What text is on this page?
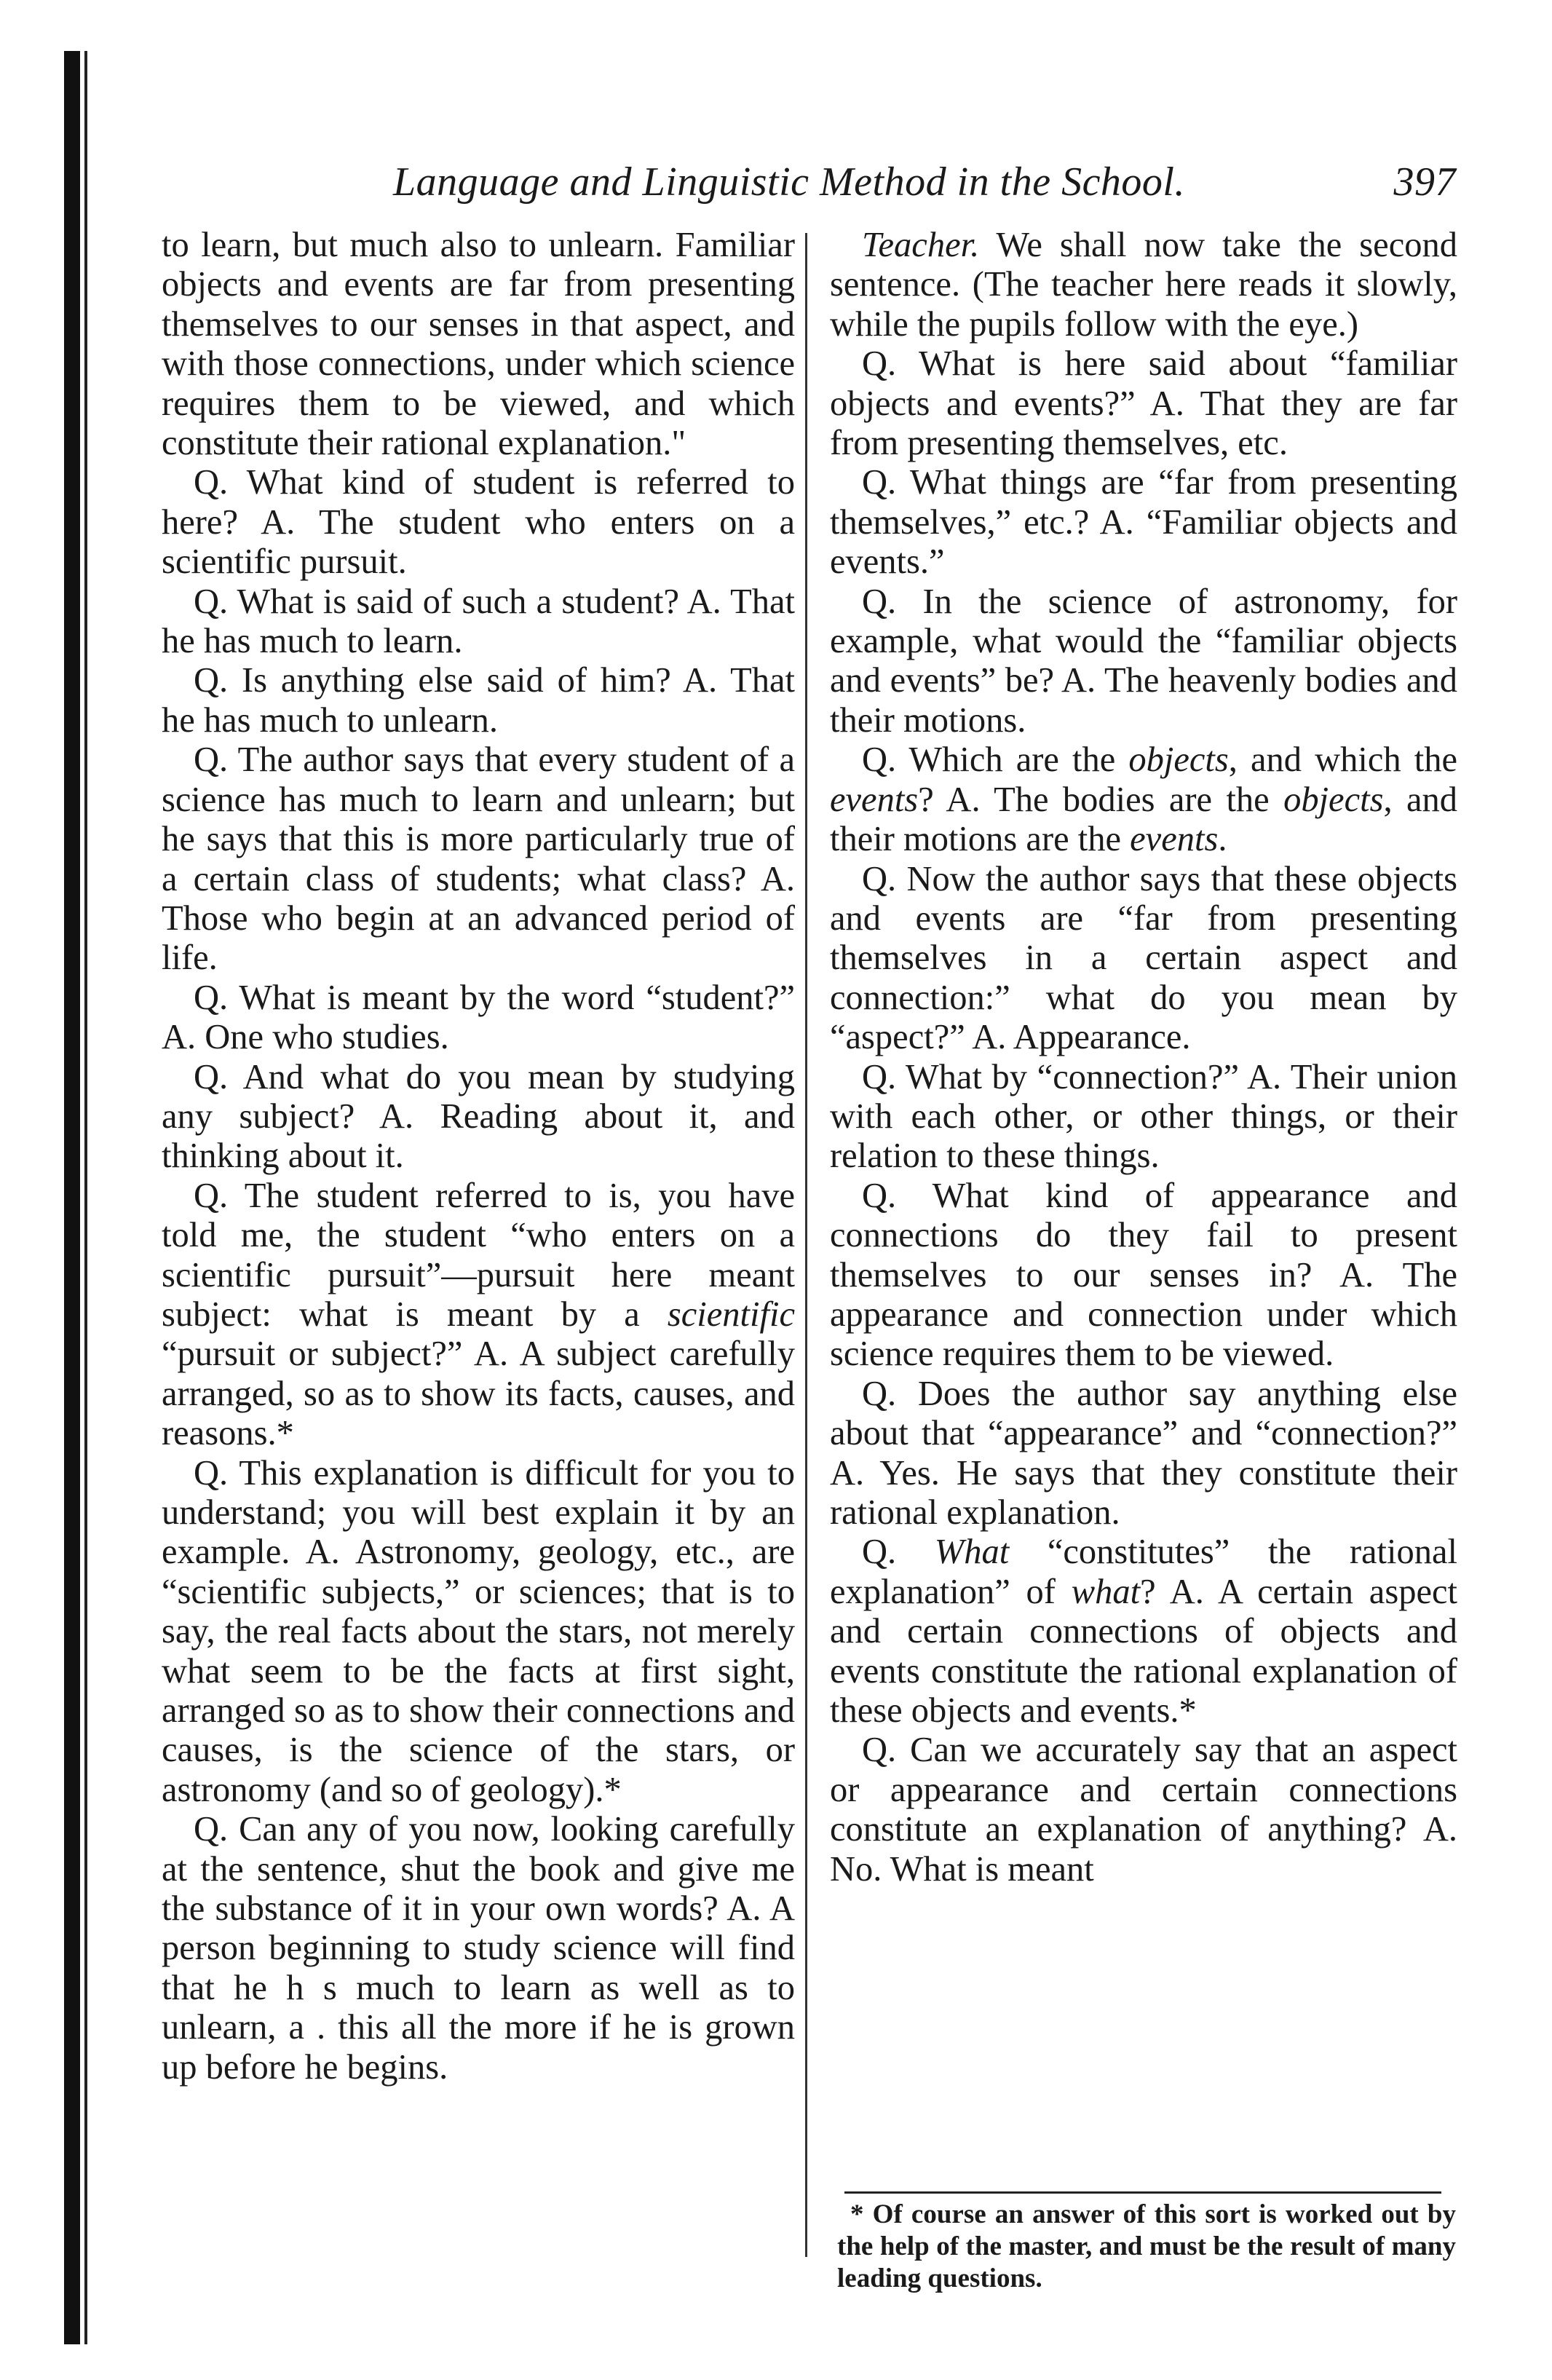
Language and Linguistic Method in the School.	397

to learn, but much also to unlearn. Familiar objects and events are far from presenting themselves to our senses in that aspect, and with those connections, under which science requires them to be viewed, and which constitute their rational explanation."

Q. What kind of student is referred to here? A. The student who enters on a scientific pursuit.

Q. What is said of such a student? A. That he has much to learn.

Q. Is anything else said of him? A. That he has much to unlearn.

Q. The author says that every student of a science has much to learn and unlearn; but he says that this is more particularly true of a certain class of students; what class? A. Those who begin at an advanced period of life.

Q. What is meant by the word “student?” A. One who studies.

Q. And what do you mean by studying any subject? A. Reading about it, and thinking about it.

Q. The student referred to is, you have told me, the student “who enters on a scientific pursuit”—pursuit here meant subject: what is meant by a scientific “pursuit or subject?” A. A subject carefully arranged, so as to show its facts, causes, and reasons.*

Q. This explanation is difficult for you to understand; you will best explain it by an example. A. Astronomy, geology, etc., are “scientific subjects,” or sciences; that is to say, the real facts about the stars, not merely what seem to be the facts at first sight, arranged so as to show their connections and causes, is the science of the stars, or astronomy (and so of geology).*

Q. Can any of you now, looking carefully at the sentence, shut the book and give me the substance of it in your own words? A. A person beginning to study science will find that he h s much to learn as well as to unlearn, a . this all the more if he is grown up before he begins.

Teacher. We shall now take the second sentence. (The teacher here reads it slowly, while the pupils follow with the eye.)

Q. What is here said about “familiar objects and events?” A. That they are far from presenting themselves, etc.

Q. What things are “far from presenting themselves,” etc.? A. “Familiar objects and events.”

Q. In the science of astronomy, for example, what would the “familiar objects and events” be? A. The heavenly bodies and their motions.

Q. Which are the objects, and which the events? A. The bodies are the objects, and their motions are the events.

Q. Now the author says that these objects and events are “far from presenting themselves in a certain aspect and connection:” what do you mean by “aspect?” A. Appearance.

Q. What by “connection?” A. Their union with each other, or other things, or their relation to these things.

Q. What kind of appearance and connections do they fail to present themselves to our senses in? A. The appearance and connection under which science requires them to be viewed.

Q. Does the author say anything else about that “appearance” and “connection?” A. Yes. He says that they constitute their rational explanation.

Q. What “constitutes” the rational explanation” of what? A. A certain aspect and certain connections of objects and events constitute the rational explanation of these objects and events.*

Q. Can we accurately say that an aspect or appearance and certain connections constitute an explanation of anything? A. No. What is meant

* Of course an answer of this sort is worked out by the help of the master, and must be the result of many leading questions.
